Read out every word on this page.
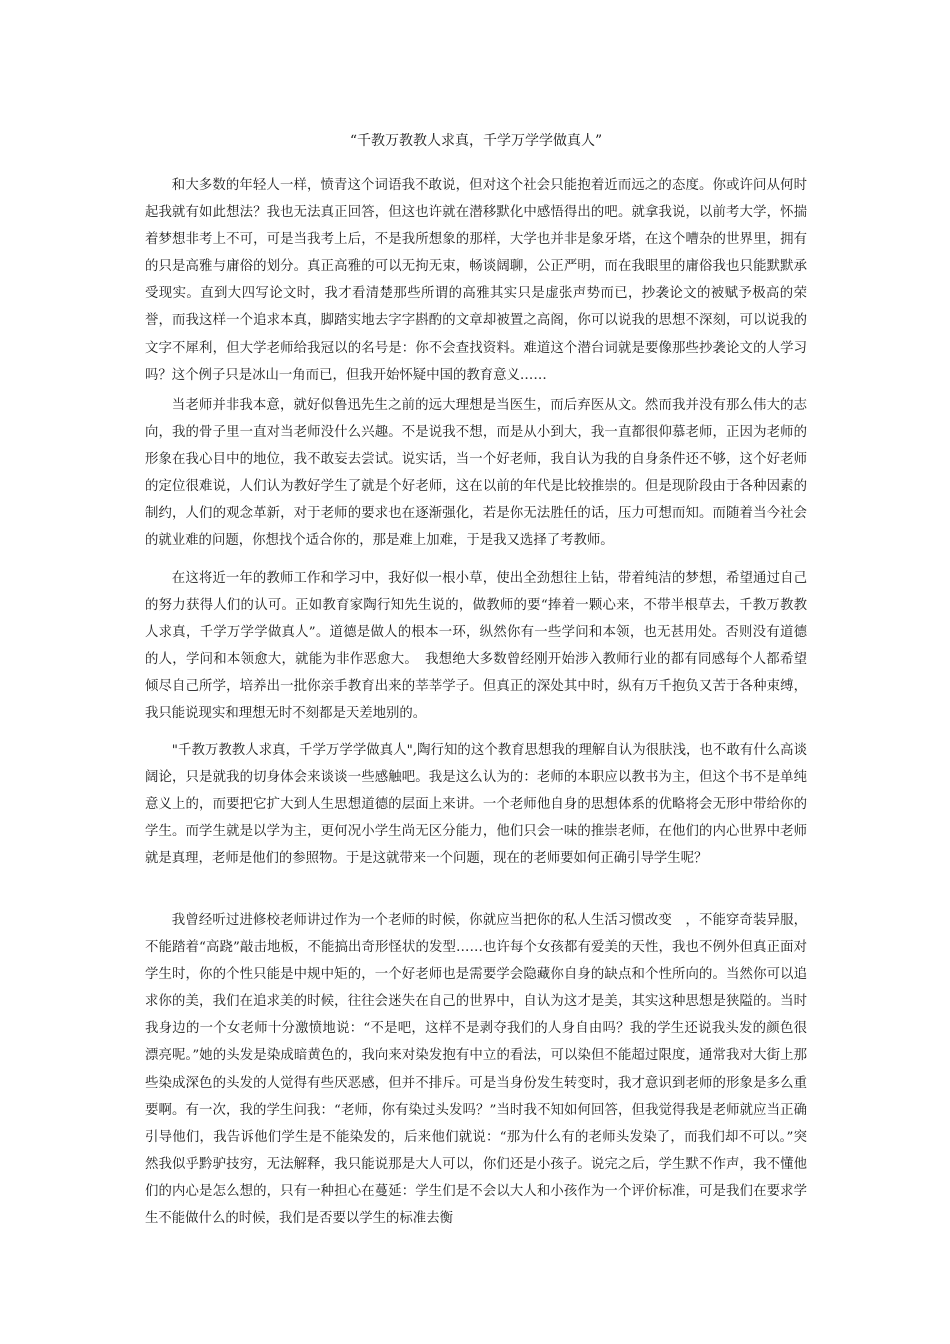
“千教万教教人求真，千学万学学做真人”

和大多数的年轻人一样，愤青这个词语我不敢说，但对这个社会只能抱着近而远之的态度。你或许问从何时起我就有如此想法？我也无法真正回答，但这也许就在潜移默化中感悟得出的吧。就拿我说，以前考大学，怀揣着梦想非考上不可，可是当我考上后，不是我所想象的那样，大学也并非是象牙塔，在这个嘈杂的世界里，拥有的只是高雅与庸俗的划分。真正高雅的可以无拘无束，畅谈阔聊，公正严明，而在我眼里的庸俗我也只能默默承受现实。直到大四写论文时，我才看清楚那些所谓的高雅其实只是虚张声势而已，抄袭论文的被赋予极高的荣誉，而我这样一个追求本真，脚踏实地去字字斟酌的文章却被置之高阁，你可以说我的思想不深刻，可以说我的文字不犀利，但大学老师给我冠以的名号是：你不会查找资料。难道这个潜台词就是要像那些抄袭论文的人学习吗？这个例子只是冰山一角而已，但我开始怀疑中国的教育意义……

当老师并非我本意，就好似鲁迅先生之前的远大理想是当医生，而后弃医从文。然而我并没有那么伟大的志向，我的骨子里一直对当老师没什么兴趣。不是说我不想，而是从小到大，我一直都很仰慕老师，正因为老师的形象在我心目中的地位，我不敢妄去尝试。说实话，当一个好老师，我自认为我的自身条件还不够，这个好老师的定位很难说，人们认为教好学生了就是个好老师，这在以前的年代是比较推崇的。但是现阶段由于各种因素的制约，人们的观念革新，对于老师的要求也在逐渐强化，若是你无法胜任的话，压力可想而知。而随着当今社会的就业难的问题，你想找个适合你的，那是难上加难，于是我又选择了考教师。

在这将近一年的教师工作和学习中，我好似一根小草，使出全劲想往上钻，带着纯洁的梦想，希望通过自己的努力获得人们的认可。正如教育家陶行知先生说的，做教师的要“捧着一颗心来，不带半根草去，千教万教教人求真，千学万学学做真人”。道德是做人的根本一环，纵然你有一些学问和本领，也无甚用处。否则没有道德的人，学问和本领愈大，就能为非作恶愈大。　我想绝大多数曾经刚开始涉入教师行业的都有同感每个人都希望倾尽自己所学，培养出一批你亲手教育出来的莘莘学子。但真正的深处其中时，纵有万千抱负又苦于各种束缚，我只能说现实和理想无时不刻都是天差地别的。

"千教万教教人求真，千学万学学做真人",陶行知的这个教育思想我的理解自认为很肤浅，也不敢有什么高谈阔论，只是就我的切身体会来谈谈一些感触吧。我是这么认为的：老师的本职应以教书为主，但这个书不是单纯意义上的，而要把它扩大到人生思想道德的层面上来讲。一个老师他自身的思想体系的优略将会无形中带给你的学生。而学生就是以学为主，更何况小学生尚无区分能力，他们只会一味的推崇老师，在他们的内心世界中老师就是真理，老师是他们的参照物。于是这就带来一个问题，现在的老师要如何正确引导学生呢？

我曾经听过进修校老师讲过作为一个老师的时候，你就应当把你的私人生活习惯改变　，不能穿奇装异服，不能踏着“高跷”敲击地板，不能搞出奇形怪状的发型……也许每个女孩都有爱美的天性，我也不例外但真正面对学生时，你的个性只能是中规中矩的，一个好老师也是需要学会隐藏你自身的缺点和个性所向的。当然你可以追求你的美，我们在追求美的时候，往往会迷失在自己的世界中，自认为这才是美，其实这种思想是狭隘的。当时我身边的一个女老师十分激愤地说：“不是吧，这样不是剥夺我们的人身自由吗？我的学生还说我头发的颜色很漂亮呢。”她的头发是染成暗黄色的，我向来对染发抱有中立的看法，可以染但不能超过限度，通常我对大街上那些染成深色的头发的人觉得有些厌恶感，但并不排斥。可是当身份发生转变时，我才意识到老师的形象是多么重要啊。有一次，我的学生问我：“老师，你有染过头发吗？”当时我不知如何回答，但我觉得我是老师就应当正确引导他们，我告诉他们学生是不能染发的，后来他们就说：“那为什么有的老师头发染了，而我们却不可以。”突然我似乎黔驴技穷，无法解释，我只能说那是大人可以，你们还是小孩子。说完之后，学生默不作声，我不懂他们的内心是怎么想的，只有一种担心在蔓延：学生们是不会以大人和小孩作为一个评价标准，可是我们在要求学生不能做什么的时候，我们是否要以学生的标准去衡
